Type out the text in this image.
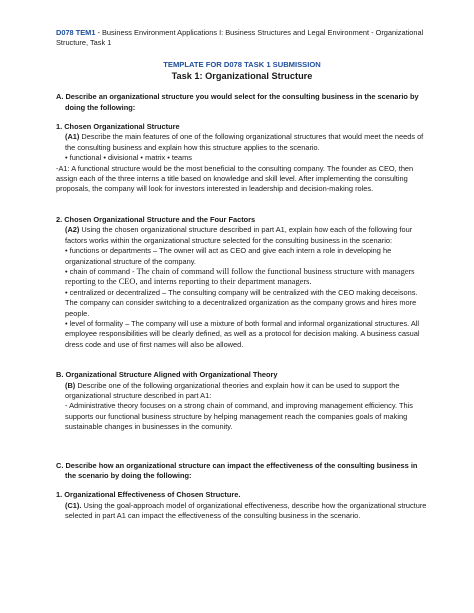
D078 TEM1 - Business Environment Applications I: Business Structures and Legal Environment - Organizational Structure, Task 1

TEMPLATE FOR D078 TASK 1 SUBMISSION

Task 1: Organizational Structure

A. Describe an organizational structure you would select for the consulting business in the scenario by doing the following:

1. Chosen Organizational Structure

(A1) Describe the main features of one of the following organizational structures that would meet the needs of the consulting business and explain how this structure applies to the scenario.

• functional • divisional • matrix • teams

-A1: A functional structure would be the most beneficial to the consulting company. The founder as CEO, then assign each of the three interns a title based on knowledge and skill level. After implementing the consulting proposals, the company will look for investors interested in leadership and decision-making roles.

2. Chosen Organizational Structure and the Four Factors

(A2) Using the chosen organizational structure described in part A1, explain how each of the following four factors works within the organizational structure selected for the consulting business in the scenario:

• functions or departments – The owner will act as CEO and give each intern a role in developing he organizational structure of the company.

• chain of command - The chain of command will follow the functional business structure with managers reporting to the CEO, and interns reporting to their department managers.

• centralized or decentralized – The consulting company will be centralized with the CEO making deceisons. The company can consider switching to a decentralized organization as the company grows and hires more people.

• level of formality – The company will use a mixture of both formal and informal organizational structures. All employee responsibilities will be clearly defined, as well as a protocol for decision making. A business casual dress code and use of first names will also be allowed.

B. Organizational Structure Aligned with Organizational Theory

(B) Describe one of the following organizational theories and explain how it can be used to support the organizational structure described in part A1:

- Administrative theory focuses on a strong chain of command, and improving management efficiency. This supports our functional business structure by helping management reach the companies goals of making sustainable changes in businesses in the comunity.

C. Describe how an organizational structure can impact the effectiveness of the consulting business in the scenario by doing the following:

1. Organizational Effectiveness of Chosen Structure.

(C1). Using the goal-approach model of organizational effectiveness, describe how the organizational structure selected in part A1 can impact the effectiveness of the consulting business in the scenario.
